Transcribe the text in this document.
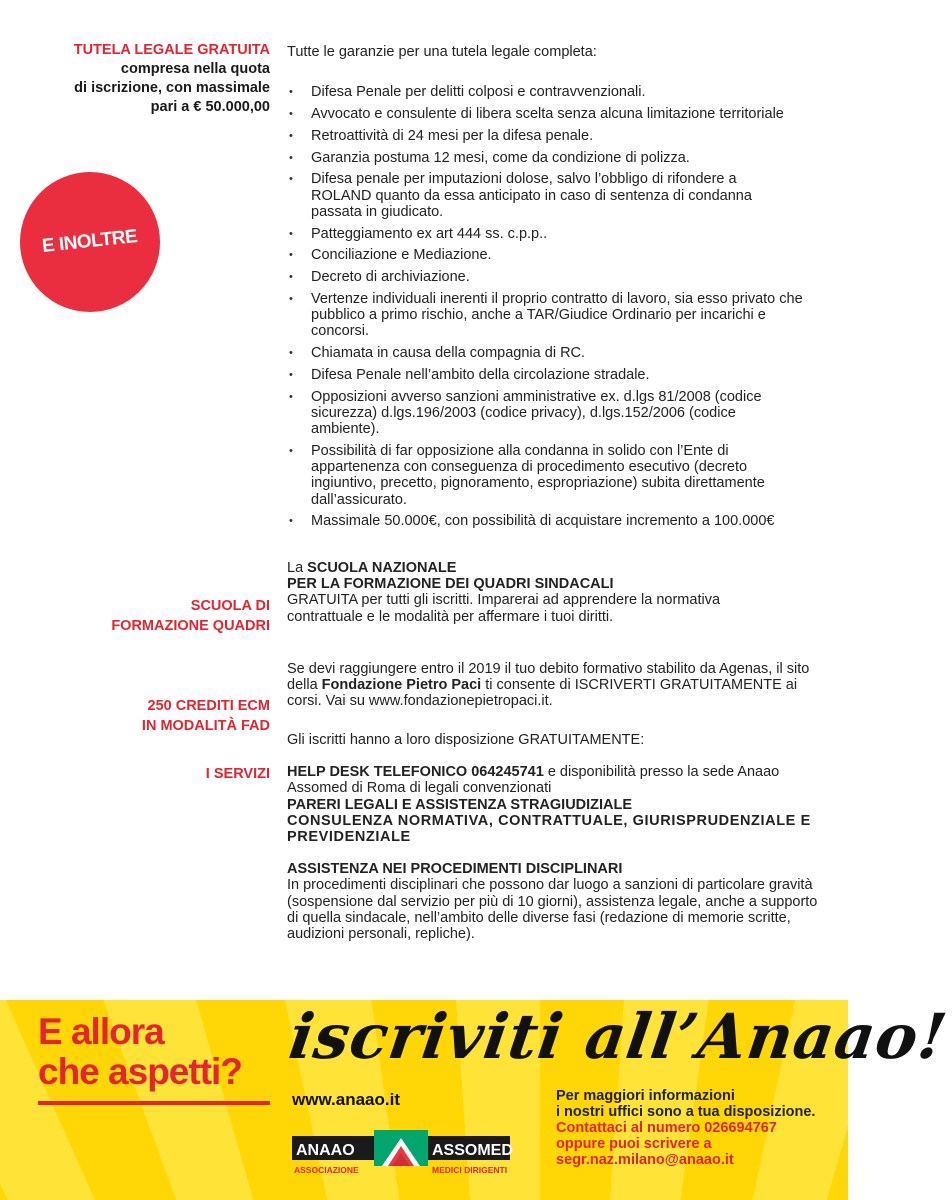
TUTELA LEGALE GRATUITA
compresa nella quota
di iscrizione, con massimale
pari a € 50.000,00
E INOLTRE
SCUOLA DI
FORMAZIONE QUADRI
250 CREDITI ECM
IN MODALITÀ FAD
I SERVIZI

Tutte le garanzie per una tutela legale completa:

• Difesa Penale per delitti colposi e contravvenzionali.
• Avvocato e consulente di libera scelta senza alcuna limitazione territoriale
• Retroattività di 24 mesi per la difesa penale.
• Garanzia postuma 12 mesi, come da condizione di polizza.
• Difesa penale per imputazioni dolose, salvo l’obbligo di rifondere a ROLAND quanto da essa anticipato in caso di sentenza di condanna passata in giudicato.
• Patteggiamento ex art 444 ss. c.p.p..
• Conciliazione e Mediazione.
• Decreto di archiviazione.
• Vertenze individuali inerenti il proprio contratto di lavoro, sia esso privato che pubblico a primo rischio, anche a TAR/Giudice Ordinario per incarichi e concorsi.
• Chiamata in causa della compagnia di RC.
• Difesa Penale nell’ambito della circolazione stradale.
• Opposizioni avverso sanzioni amministrative ex. d.lgs 81/2008 (codice sicurezza) d.lgs.196/2003 (codice privacy), d.lgs.152/2006 (codice ambiente).
• Possibilità di far opposizione alla condanna in solido con l’Ente di appartenenza con conseguenza di procedimento esecutivo (decreto ingiuntivo, precetto, pignoramento, espropriazione) subita direttamente dall’assicurato.
• Massimale 50.000€, con possibilità di acquistare incremento a 100.000€

La SCUOLA NAZIONALE

PER LA FORMAZIONE DEI QUADRI SINDACALI

GRATUITA per tutti gli iscritti. Imparerai ad apprendere la normativa contrattuale e le modalità per affermare i tuoi diritti.

Se devi raggiungere entro il 2019 il tuo debito formativo stabilito da Agenas, il sito della Fondazione Pietro Paci ti consente di ISCRIVERTI GRATUITAMENTE ai corsi. Vai su www.fondazionepietropaci.it.

Gli iscritti hanno a loro disposizione GRATUITAMENTE:

HELP DESK TELEFONICO 064245741 e disponibilità presso la sede Anaao Assomed di Roma di legali convenzionati

PARERI LEGALI E ASSISTENZA STRAGIUDIZIALE

CONSULENZA NORMATIVA, CONTRATTUALE, GIURISPRUDENZIALE E PREVIDENZIALE

ASSISTENZA NEI PROCEDIMENTI DISCIPLINARI

In procedimenti disciplinari che possono dar luogo a sanzioni di particolare gravità (sospensione dal servizio per più di 10 giorni), assistenza legale, anche a supporto di quella sindacale, nell’ambito delle diverse fasi (redazione di memorie scritte, audizioni personali, repliche).

E allora
che aspetti? iscriviti all’Anaao!
www.anaao.it	Per maggiori informazioni
i nostri uffici sono a tua disposizione.
Contattaci al numero 026694767
oppure puoi scrivere a
segr.naz.milano@anaao.it
ANAAO	ASSOMED
ASSOCIAZIONE	MEDICI DIRIGENTI
